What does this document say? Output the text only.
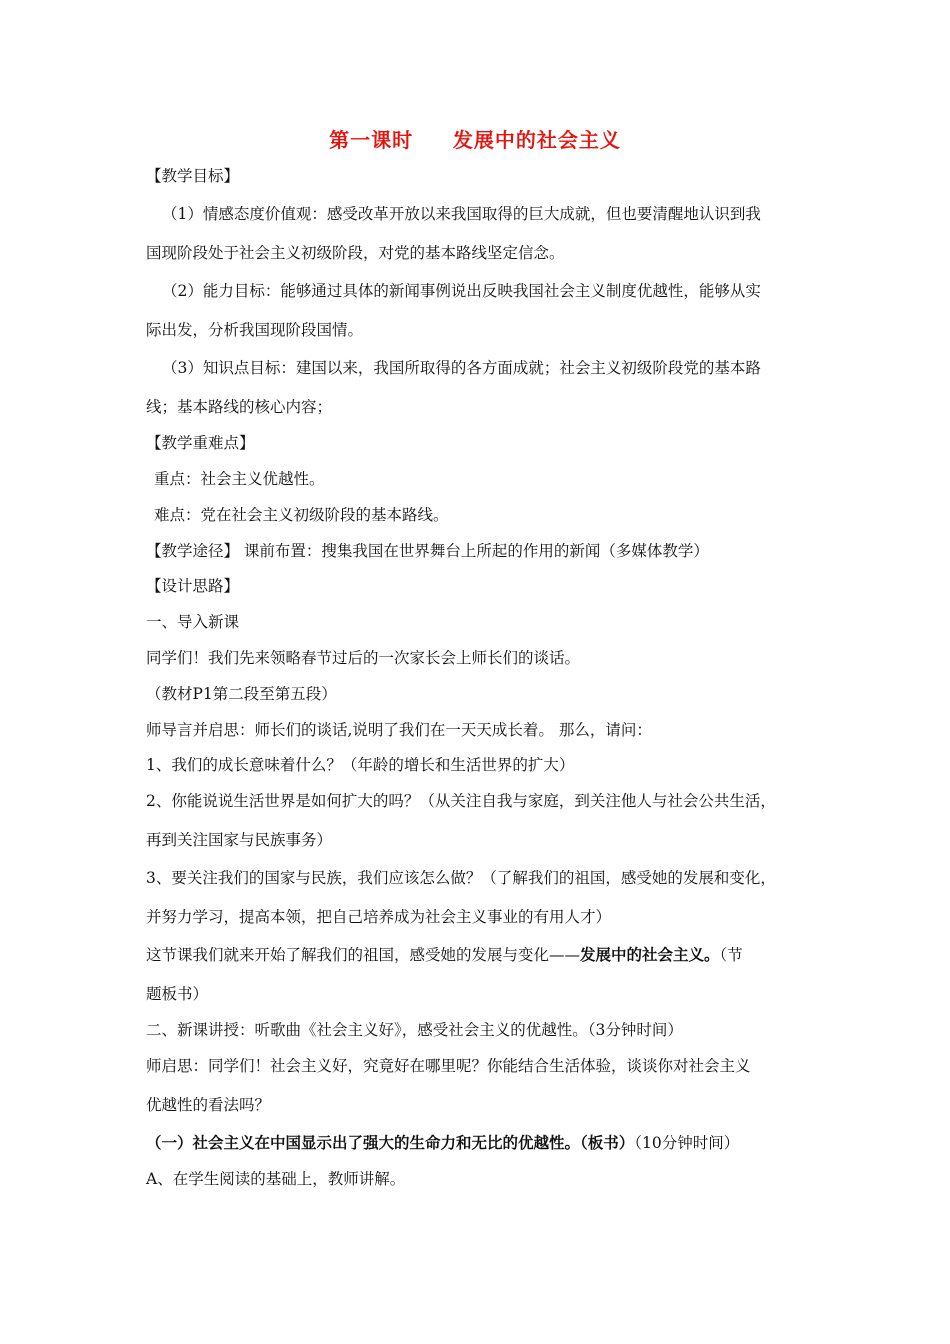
第一课时     发展中的社会主义
【教学目标】
（1）情感态度价值观：感受改革开放以来我国取得的巨大成就，但也要清醒地认识到我
国现阶段处于社会主义初级阶段，对党的基本路线坚定信念。
（2）能力目标：能够通过具体的新闻事例说出反映我国社会主义制度优越性，能够从实
际出发，分析我国现阶段国情。
（3）知识点目标：建国以来，我国所取得的各方面成就；社会主义初级阶段党的基本路
线；基本路线的核心内容；
【教学重难点】
重点：社会主义优越性。
难点：党在社会主义初级阶段的基本路线。
【教学途径】 课前布置：搜集我国在世界舞台上所起的作用的新闻（多媒体教学）
【设计思路】
一、导入新课
同学们！我们先来领略春节过后的一次家长会上师长们的谈话。
（教材P1第二段至第五段）
师导言并启思：师长们的谈话,说明了我们在一天天成长着。 那么，请问：
1、我们的成长意味着什么？（年龄的增长和生活世界的扩大）
2、你能说说生活世界是如何扩大的吗？（从关注自我与家庭，到关注他人与社会公共生活，
再到关注国家与民族事务）
3、要关注我们的国家与民族，我们应该怎么做？（了解我们的祖国，感受她的发展和变化，
并努力学习，提高本领，把自己培养成为社会主义事业的有用人才）
这节课我们就来开始了解我们的祖国，感受她的发展与变化——发展中的社会主义。（节
题板书）
二、新课讲授：听歌曲《社会主义好》，感受社会主义的优越性。（3分钟时间）
师启思：同学们！社会主义好，究竟好在哪里呢？你能结合生活体验，谈谈你对社会主义
优越性的看法吗？
（一）社会主义在中国显示出了强大的生命力和无比的优越性。（板书）（10分钟时间）
A、在学生阅读的基础上，教师讲解。
